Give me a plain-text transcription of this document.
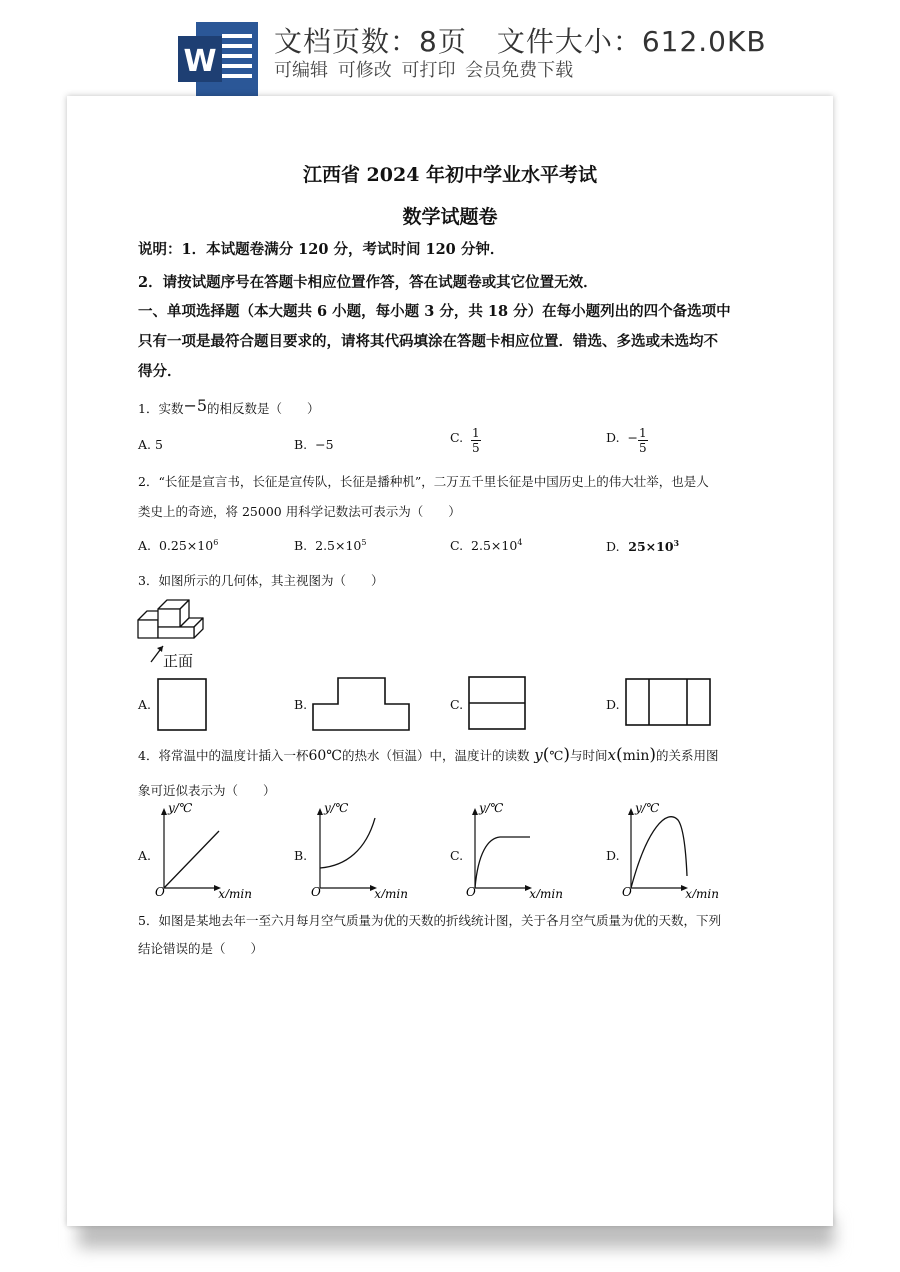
W
文档页数：8页 文件大小：612.0KB
可编辑 可修改 可打印 会员免费下载
江西省 2024 年初中学业水平考试
数学试题卷
说明：1．本试题卷满分 120 分，考试时间 120 分钟．
2．请按试题序号在答题卡相应位置作答，答在试题卷或其它位置无效．
一、单项选择题（本大题共 6 小题，每小题 3 分，共 18 分）在每小题列出的四个备选项中
只有一项是最符合题目要求的，请将其代码填涂在答题卡相应位置．错选、多选或未选均不
得分．
1．实数−5的相反数是（　　）
A. 5	B. −5	C. $\frac{1}{5}$	D. − $\frac{1}{5}$
2．“长征是宣言书，长征是宣传队，长征是播种机”，二万五千里长征是中国历史上的伟大壮举，也是人
类史上的奇迹，将 25000 用科学记数法可表示为（　　）
A. $0.25\times 10^6$	B. $2.5\times 10^5$	C. $2.5\times 10^4$	D. $25\times 10^3$
3．如图所示的几何体，其主视图为（　　）
正面
A.	B.	C.	D.
4．将常温中的温度计插入一杯60℃的热水（恒温）中，温度计的读数 y(℃)与时间x(min)的关系用图
象可近似表示为（　　）
A.	B.	C.	D.
y/℃
O	x/min
y/℃
O	x/min
y/℃
O	x/min
y/℃
O	x/min
5．如图是某地去年一至六月每月空气质量为优的天数的折线统计图，关于各月空气质量为优的天数，下列
结论错误的是（　　）
